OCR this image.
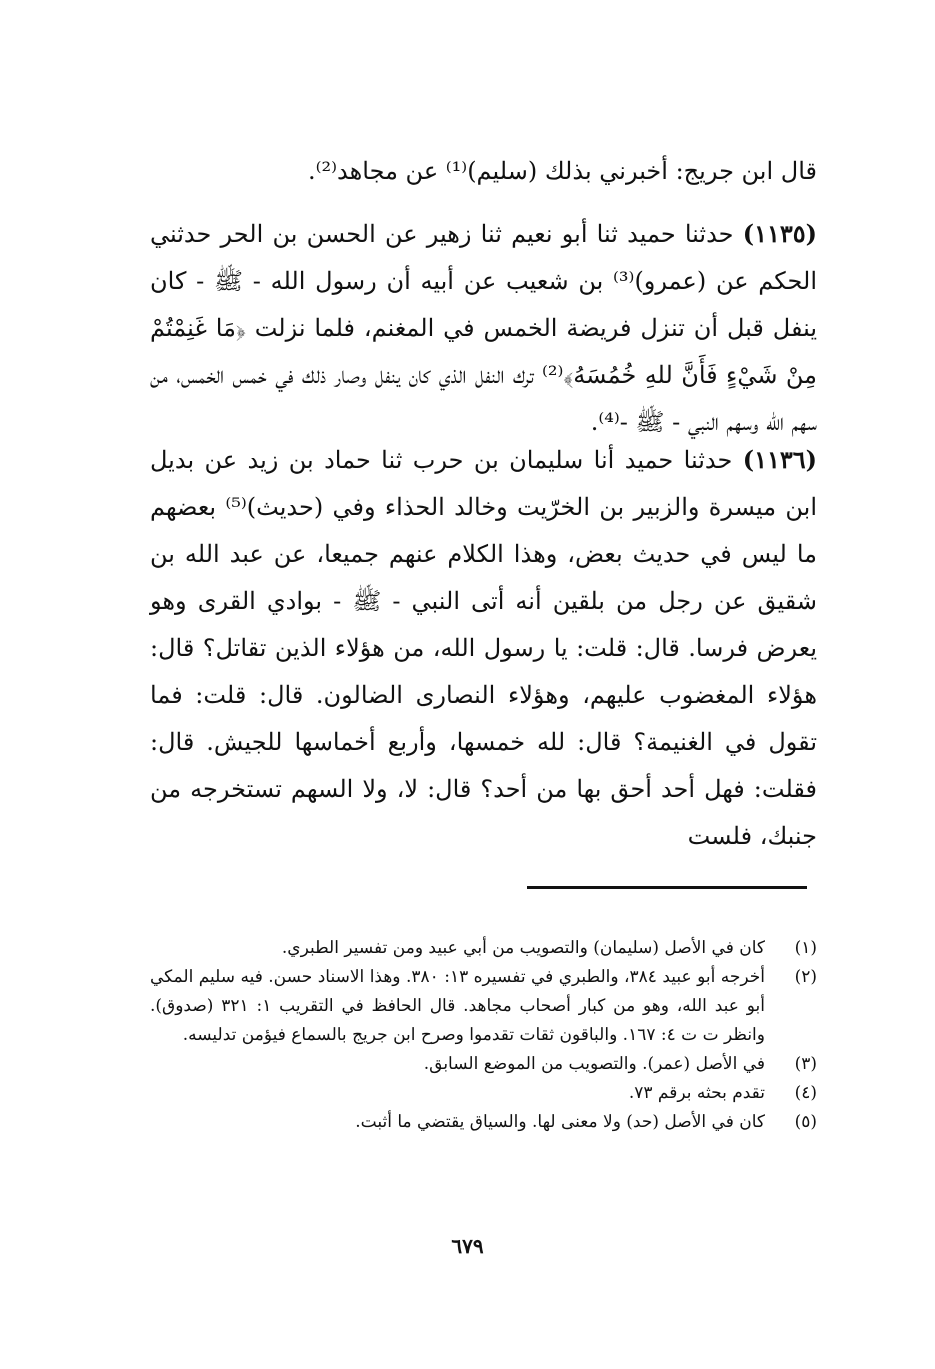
قال ابن جريج: أخبرني بذلك (سليم)⁽¹⁾ عن مجاهد⁽²⁾.

(١١٣٥) حدثنا حميد ثنا أبو نعيم ثنا زهير عن الحسن بن الحر حدثني الحكم عن (عمرو)⁽³⁾ بن شعيب عن أبيه أن رسول الله - ﷺ - كان ينفل قبل أن تنزل فريضة الخمس في المغنم، فلما نزلت ﴿مَا غَنِمْتُمْ مِنْ شَيْءٍ فَأَنَّ للهِ خُمُسَهُ﴾⁽²⁾ ترك النفل الذي كان ينفل وصار ذلك في خمس الخمس، من سهم الله وسهم النبي - ﷺ -⁽⁴⁾.

(١١٣٦) حدثنا حميد أنا سليمان بن حرب ثنا حماد بن زيد عن بديل ابن ميسرة والزبير بن الخرّيت وخالد الحذاء وفي (حديث)⁽⁵⁾ بعضهم ما ليس في حديث بعض، وهذا الكلام عنهم جميعا، عن عبد الله بن شقيق عن رجل من بلقين أنه أتى النبي - ﷺ - بوادي القرى وهو يعرض فرسا. قال: قلت: يا رسول الله، من هؤلاء الذين تقاتل؟ قال: هؤلاء المغضوب عليهم، وهؤلاء النصارى الضالون. قال: قلت: فما تقول في الغنيمة؟ قال: لله خمسها، وأربع أخماسها للجيش. قال: فقلت: فهل أحد أحق بها من أحد؟ قال: لا، ولا السهم تستخرجه من جنبك، فلست

(١)
كان في الأصل (سليمان) والتصويب من أبي عبيد ومن تفسير الطبري.
(٢)
أخرجه أبو عبيد ٣٨٤، والطبري في تفسيره ١٣: ٣٨٠. وهذا الاسناد حسن. فيه سليم المكي أبو عبد الله، وهو من كبار أصحاب مجاهد. قال الحافظ في التقريب ١: ٣٢١ (صدوق). وانظر ت ت ٤: ١٦٧. والباقون ثقات تقدموا وصرح ابن جريج بالسماع فيؤمن تدليسه.
(٣)
في الأصل (عمر). والتصويب من الموضع السابق.
(٤)
تقدم بحثه برقم ٧٣.
(٥)
كان في الأصل (حد) ولا معنى لها. والسياق يقتضي ما أثبت.
٦٧٩
